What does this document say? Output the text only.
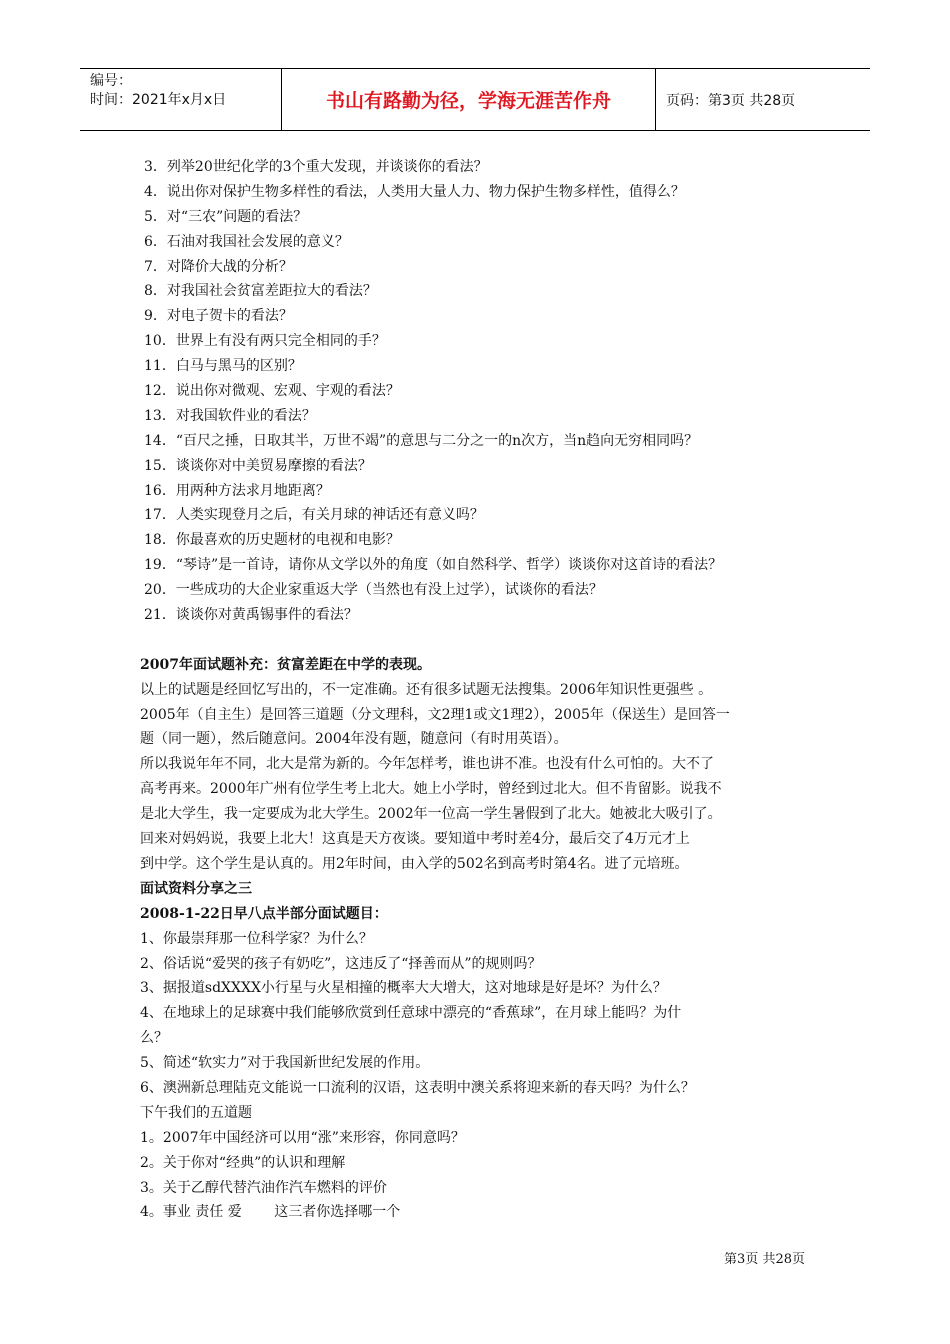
编号：
时间：2021年x月x日	书山有路勤为径，学海无涯苦作舟	页码：第3页 共28页
3．列举20世纪化学的3个重大发现，并谈谈你的看法？
4．说出你对保护生物多样性的看法，人类用大量人力、物力保护生物多样性，值得么？
5．对“三农”问题的看法？
6．石油对我国社会发展的意义？
7．对降价大战的分析？
8．对我国社会贫富差距拉大的看法？
9．对电子贺卡的看法？
10．世界上有没有两只完全相同的手？
11．白马与黑马的区别？
12．说出你对微观、宏观、宇观的看法？
13．对我国软件业的看法？
14．“百尺之捶，日取其半，万世不竭”的意思与二分之一的n次方，当n趋向无穷相同吗？
15．谈谈你对中美贸易摩擦的看法？
16．用两种方法求月地距离？
17．人类实现登月之后，有关月球的神话还有意义吗？
18．你最喜欢的历史题材的电视和电影？
19．“琴诗”是一首诗，请你从文学以外的角度（如自然科学、哲学）谈谈你对这首诗的看法？
20．一些成功的大企业家重返大学（当然也有没上过学），试谈你的看法？
21．谈谈你对黄禹锡事件的看法？
2007年面试题补充：贫富差距在中学的表现。
以上的试题是经回忆写出的，不一定准确。还有很多试题无法搜集。2006年知识性更强些 。
2005年（自主生）是回答三道题（分文理科，文2理1或文1理2），2005年（保送生）是回答一
题（同一题），然后随意问。2004年没有题，随意问（有时用英语）。
所以我说年年不同，北大是常为新的。今年怎样考，谁也讲不准。也没有什么可怕的。大不了
高考再来。2000年广州有位学生考上北大。她上小学时，曾经到过北大。但不肯留影。说我不
是北大学生，我一定要成为北大学生。2002年一位高一学生暑假到了北大。她被北大吸引了。
回来对妈妈说，我要上北大！这真是天方夜谈。要知道中考时差4分，最后交了4万元才上
到中学。这个学生是认真的。用2年时间，由入学的502名到高考时第4名。进了元培班。
面试资料分享之三
2008-1-22日早八点半部分面试题目：
1、你最崇拜那一位科学家？为什么？
2、俗话说“爱哭的孩子有奶吃”，这违反了“择善而从”的规则吗？
3、据报道sdXXXX小行星与火星相撞的概率大大增大，这对地球是好是坏？为什么？
4、在地球上的足球赛中我们能够欣赏到任意球中漂亮的“香蕉球”，在月球上能吗？为什
么？
5、简述“软实力”对于我国新世纪发展的作用。
6、澳洲新总理陆克文能说一口流利的汉语，这表明中澳关系将迎来新的春天吗？为什么？
下午我们的五道题
1。2007年中国经济可以用“涨”来形容，你同意吗？
2。关于你对“经典”的认识和理解
3。关于乙醇代替汽油作汽车燃料的评价
4。事业 责任 爱　　 这三者你选择哪一个
第3页 共28页
